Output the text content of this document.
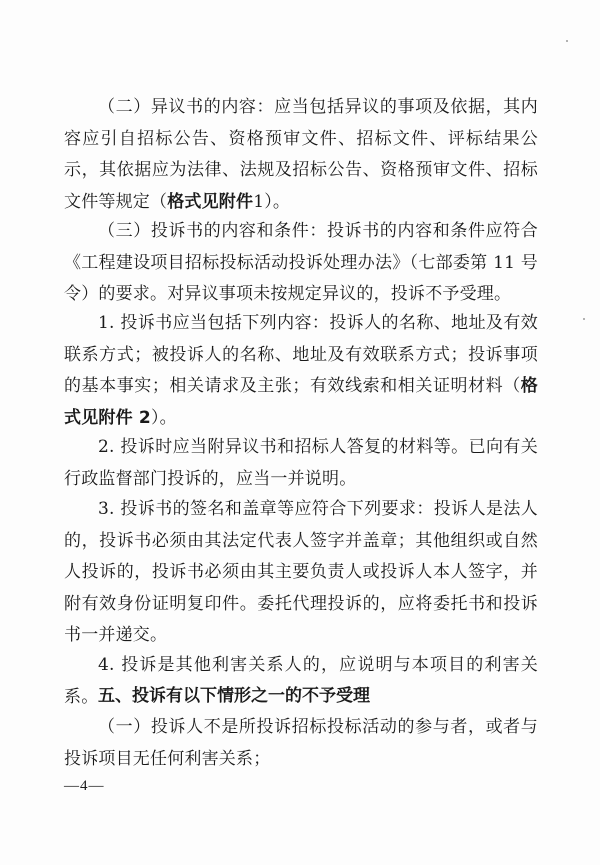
（二）异议书的内容：应当包括异议的事项及依据，其内容应引自招标公告、资格预审文件、招标文件、评标结果公示，其依据应为法律、法规及招标公告、资格预审文件、招标文件等规定（格式见附件1）。

（三）投诉书的内容和条件：投诉书的内容和条件应符合《工程建设项目招标投标活动投诉处理办法》（七部委第 11 号令）的要求。对异议事项未按规定异议的，投诉不予受理。

1. 投诉书应当包括下列内容：投诉人的名称、地址及有效联系方式；被投诉人的名称、地址及有效联系方式；投诉事项的基本事实；相关请求及主张；有效线索和相关证明材料（格式见附件 2）。

2. 投诉时应当附异议书和招标人答复的材料等。已向有关行政监督部门投诉的，应当一并说明。

3. 投诉书的签名和盖章等应符合下列要求：投诉人是法人的，投诉书必须由其法定代表人签字并盖章；其他组织或自然人投诉的，投诉书必须由其主要负责人或投诉人本人签字，并附有效身份证明复印件。委托代理投诉的，应将委托书和投诉书一并递交。

4. 投诉是其他利害关系人的，应说明与本项目的利害关系。 五、投诉有以下情形之一的不予受理

（一）投诉人不是所投诉招标投标活动的参与者，或者与投诉项目无任何利害关系；

—4—
